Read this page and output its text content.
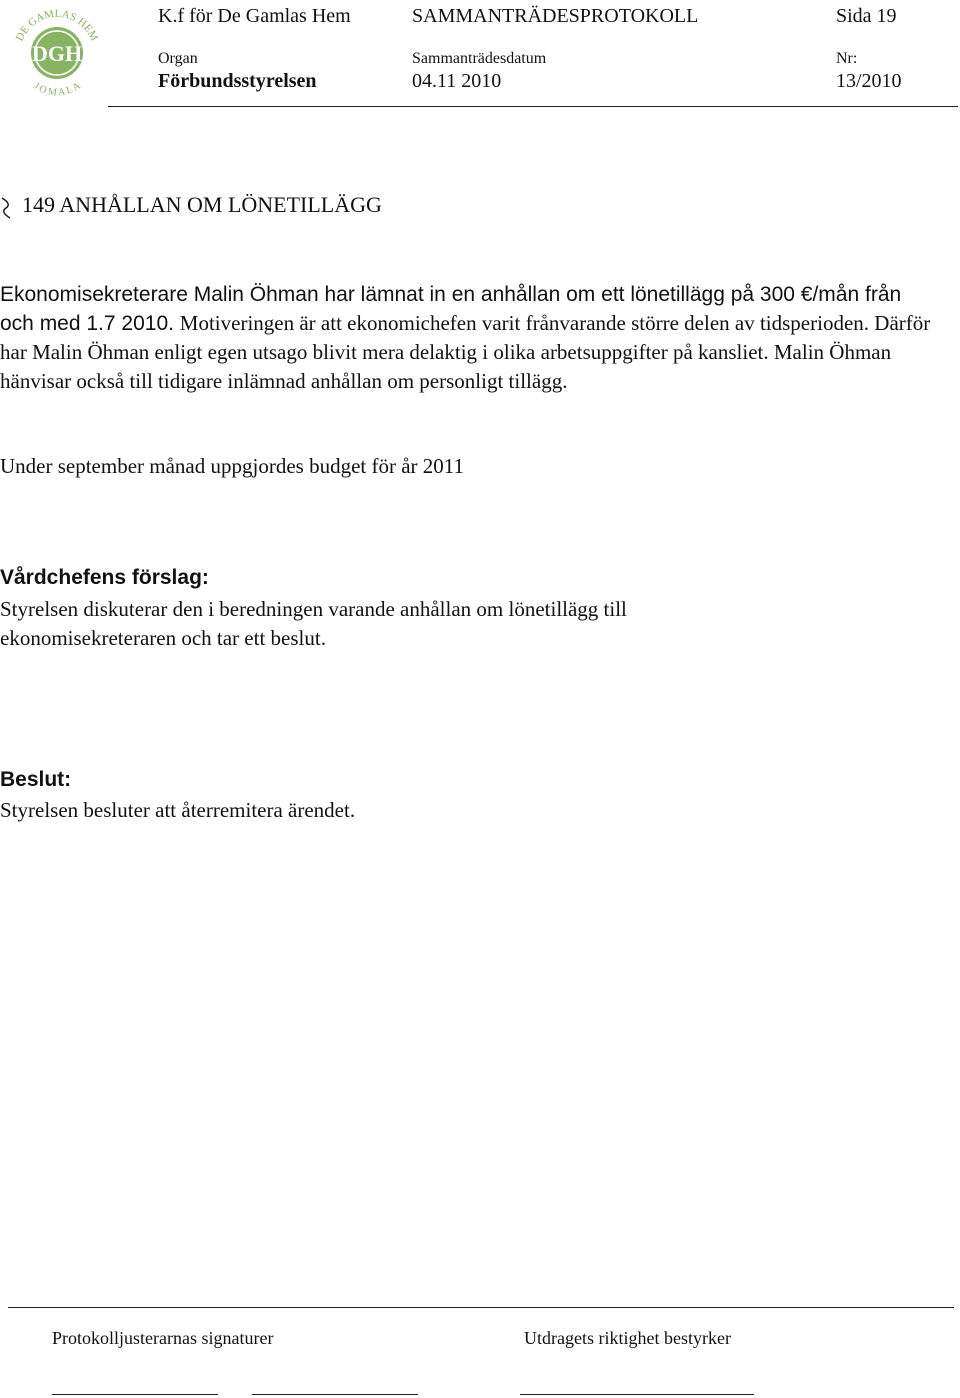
DGH
DE GAMLAS HEM
J O M A L A
K.f för De Gamlas Hem	SAMMANTRÄDESPROTOKOLL	Sida 19
Organ	Sammanträdesdatum	Nr:
Förbundsstyrelsen	04.11 2010	13/2010
149 ANHÅLLAN OM LÖNETILLÄGG

Ekonomisekreterare Malin Öhman har lämnat in en anhållan om ett lönetillägg på 300 €/mån från och med 1.7 2010. Motiveringen är att ekonomichefen varit frånvarande större delen av tidsperioden. Därför har Malin Öhman enligt egen utsago blivit mera delaktig i olika arbetsuppgifter på kansliet. Malin Öhman hänvisar också till tidigare inlämnad anhållan om personligt tillägg.

Under september månad uppgjordes budget för år 2011

Vårdchefens förslag:
Styrelsen diskuterar den i beredningen varande anhållan om lönetillägg till ekonomisekreteraren och tar ett beslut.
Beslut:
Styrelsen besluter att återremitera ärendet.
Protokolljusterarnas signaturer	Utdragets riktighet bestyrker
